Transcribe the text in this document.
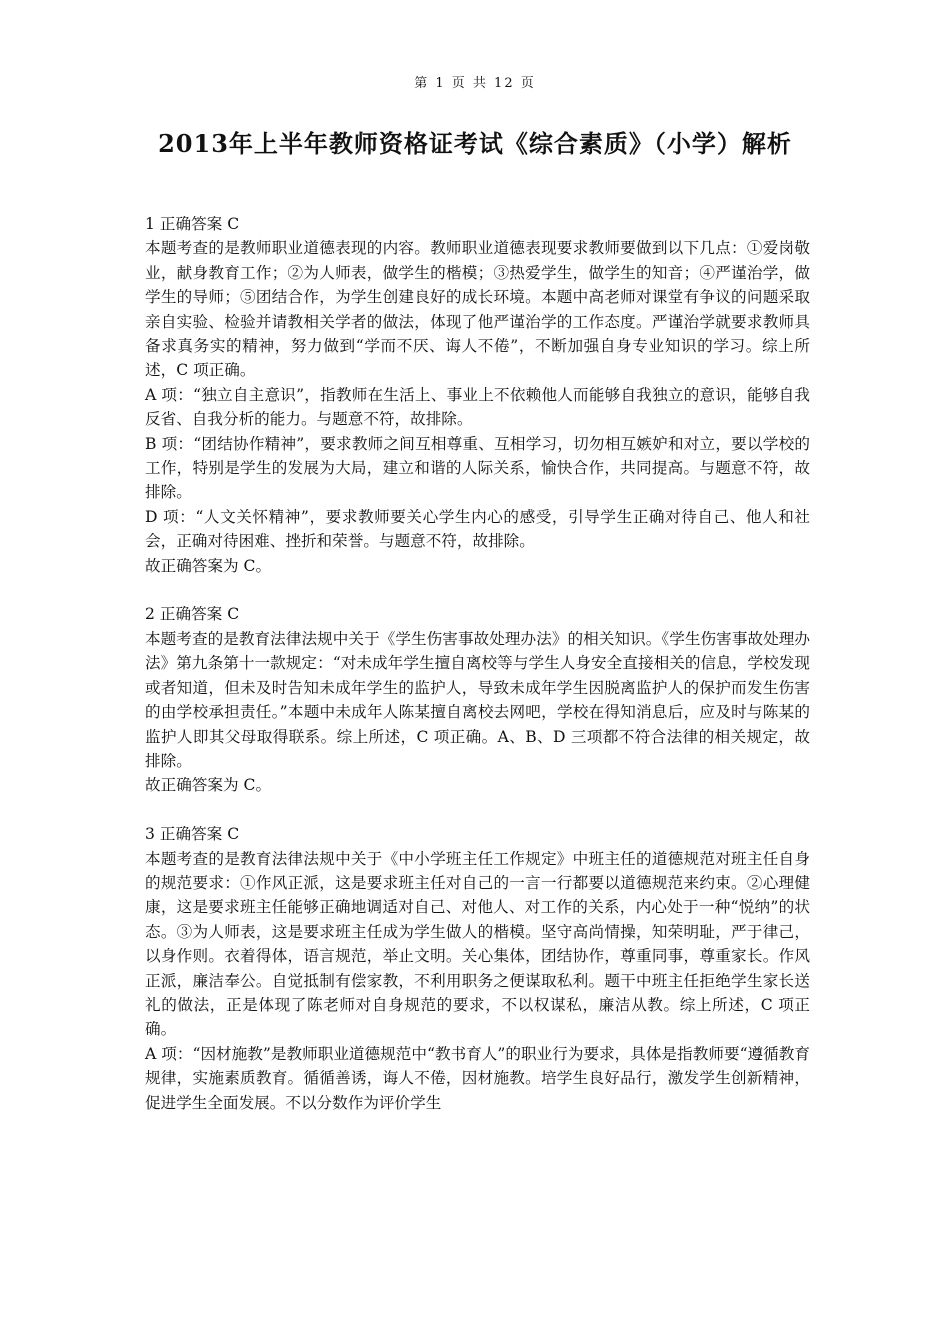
第 1 页 共 12 页
2013年上半年教师资格证考试《综合素质》（小学）解析

1 正确答案 C

本题考查的是教师职业道德表现的内容。教师职业道德表现要求教师要做到以下几点：①爱岗敬业，献身教育工作；②为人师表，做学生的楷模；③热爱学生，做学生的知音；④严谨治学，做学生的导师；⑤团结合作，为学生创建良好的成长环境。本题中高老师对课堂有争议的问题采取亲自实验、检验并请教相关学者的做法，体现了他严谨治学的工作态度。严谨治学就要求教师具备求真务实的精神，努力做到“学而不厌、诲人不倦”，不断加强自身专业知识的学习。综上所述，C 项正确。

A 项：“独立自主意识”，指教师在生活上、事业上不依赖他人而能够自我独立的意识，能够自我反省、自我分析的能力。与题意不符，故排除。

B 项：“团结协作精神”，要求教师之间互相尊重、互相学习，切勿相互嫉妒和对立，要以学校的工作，特别是学生的发展为大局，建立和谐的人际关系，愉快合作，共同提高。与题意不符，故排除。

D 项：“人文关怀精神”，要求教师要关心学生内心的感受，引导学生正确对待自己、他人和社会，正确对待困难、挫折和荣誉。与题意不符，故排除。

故正确答案为 C。

2 正确答案 C

本题考查的是教育法律法规中关于《学生伤害事故处理办法》的相关知识。《学生伤害事故处理办法》第九条第十一款规定：“对未成年学生擅自离校等与学生人身安全直接相关的信息，学校发现或者知道，但未及时告知未成年学生的监护人，导致未成年学生因脱离监护人的保护而发生伤害的由学校承担责任。”本题中未成年人陈某擅自离校去网吧，学校在得知消息后，应及时与陈某的监护人即其父母取得联系。综上所述，C 项正确。A、B、D 三项都不符合法律的相关规定，故排除。

故正确答案为 C。

3 正确答案 C

本题考查的是教育法律法规中关于《中小学班主任工作规定》中班主任的道德规范对班主任自身的规范要求：①作风正派，这是要求班主任对自己的一言一行都要以道德规范来约束。②心理健康，这是要求班主任能够正确地调适对自己、对他人、对工作的关系，内心处于一种“悦纳”的状态。③为人师表，这是要求班主任成为学生做人的楷模。坚守高尚情操，知荣明耻，严于律己，以身作则。衣着得体，语言规范，举止文明。关心集体，团结协作，尊重同事，尊重家长。作风正派，廉洁奉公。自觉抵制有偿家教，不利用职务之便谋取私利。题干中班主任拒绝学生家长送礼的做法，正是体现了陈老师对自身规范的要求，不以权谋私，廉洁从教。综上所述，C 项正确。

A 项：“因材施教”是教师职业道德规范中“教书育人”的职业行为要求，具体是指教师要“遵循教育规律，实施素质教育。循循善诱，诲人不倦，因材施教。培学生良好品行，激发学生创新精神，促进学生全面发展。不以分数作为评价学生
